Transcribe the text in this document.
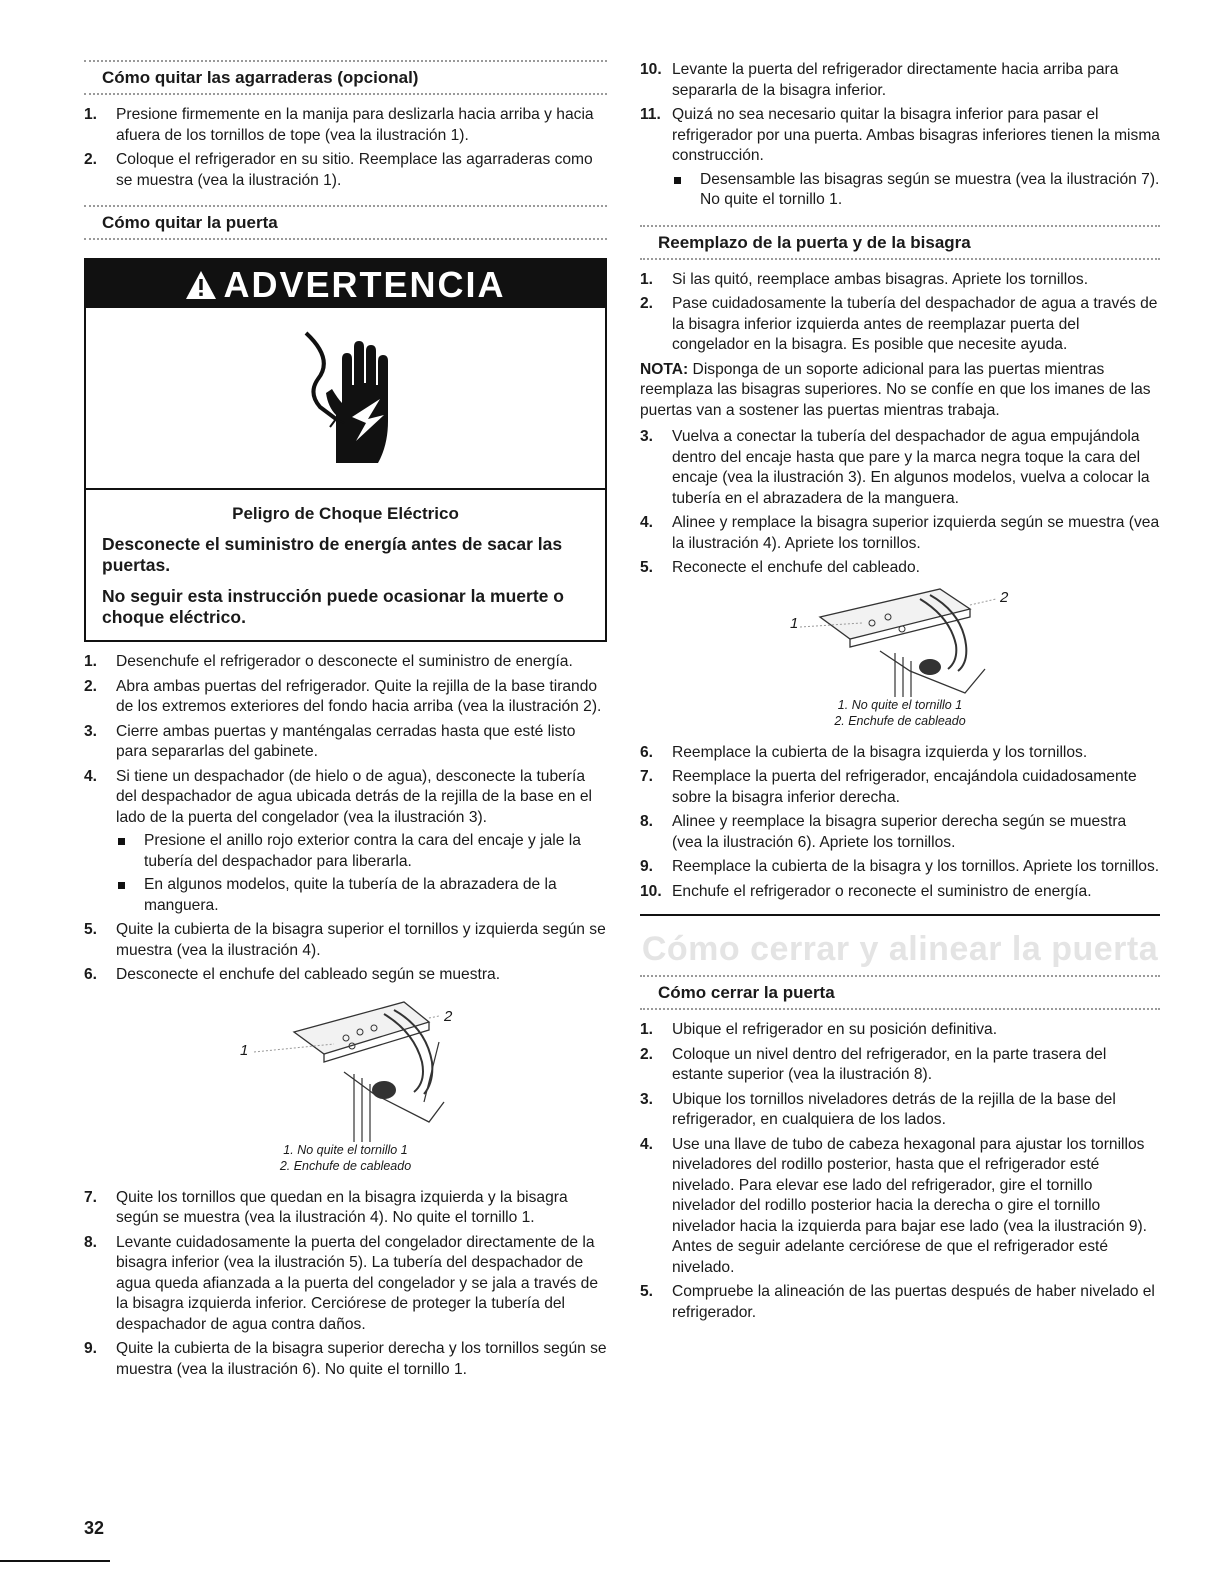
Cómo quitar las agarraderas (opcional)
1. Presione firmemente en la manija para deslizarla hacia arriba y hacia afuera de los tornillos de tope (vea la ilustración 1).
2. Coloque el refrigerador en su sitio. Reemplace las agarraderas como se muestra (vea la ilustración 1).
Cómo quitar la puerta
ADVERTENCIA
Peligro de Choque Eléctrico
Desconecte el suministro de energía antes de sacar las puertas.
No seguir esta instrucción puede ocasionar la muerte o choque eléctrico.
1. Desenchufe el refrigerador o desconecte el suministro de energía.
2. Abra ambas puertas del refrigerador. Quite la rejilla de la base tirando de los extremos exteriores del fondo hacia arriba (vea la ilustración 2).
3. Cierre ambas puertas y manténgalas cerradas hasta que esté listo para separarlas del gabinete.
4. Si tiene un despachador (de hielo o de agua), desconecte la tubería del despachador de agua ubicada detrás de la rejilla de la base en el lado de la puerta del congelador (vea la ilustración 3).
Presione el anillo rojo exterior contra la cara del encaje y jale la tubería del despachador para liberarla.
En algunos modelos, quite la tubería de la abrazadera de la manguera.
5. Quite la cubierta de la bisagra superior el tornillos y izquierda según se muestra (vea la ilustración 4).
6. Desconecte el enchufe del cableado según se muestra.
1
2
1. No quite el tornillo 1
2. Enchufe de cableado
7. Quite los tornillos que quedan en la bisagra izquierda y la bisagra según se muestra (vea la ilustración 4). No quite el tornillo 1.
8. Levante cuidadosamente la puerta del congelador directamente de la bisagra inferior (vea la ilustración 5). La tubería del despachador de agua queda afianzada a la puerta del congelador y se jala a través de la bisagra izquierda inferior. Cerciórese de proteger la tubería del despachador de agua contra daños.
9. Quite la cubierta de la bisagra superior derecha y los tornillos según se muestra (vea la ilustración 6). No quite el tornillo 1.
10. Levante la puerta del refrigerador directamente hacia arriba para separarla de la bisagra inferior.
11. Quizá no sea necesario quitar la bisagra inferior para pasar el refrigerador por una puerta. Ambas bisagras inferiores tienen la misma construcción.
Desensamble las bisagras según se muestra (vea la ilustración 7). No quite el tornillo 1.
Reemplazo de la puerta y de la bisagra
1. Si las quitó, reemplace ambas bisagras. Apriete los tornillos.
2. Pase cuidadosamente la tubería del despachador de agua a través de la bisagra inferior izquierda antes de reemplazar puerta del congelador en la bisagra. Es posible que necesite ayuda.

NOTA: Disponga de un soporte adicional para las puertas mientras reemplaza las bisagras superiores. No se confíe en que los imanes de las puertas van a sostener las puertas mientras trabaja.

3. Vuelva a conectar la tubería del despachador de agua empujándola dentro del encaje hasta que pare y la marca negra toque la cara del encaje (vea la ilustración 3). En algunos modelos, vuelva a colocar la tubería en el abrazadera de la manguera.
4. Alinee y remplace la bisagra superior izquierda según se muestra (vea la ilustración 4). Apriete los tornillos.
5. Reconecte el enchufe del cableado.
1
2
1. No quite el tornillo 1
2. Enchufe de cableado
6. Reemplace la cubierta de la bisagra izquierda y los tornillos.
7. Reemplace la puerta del refrigerador, encajándola cuidadosamente sobre la bisagra inferior derecha.
8. Alinee y reemplace la bisagra superior derecha según se muestra (vea la ilustración 6). Apriete los tornillos.
9. Reemplace la cubierta de la bisagra y los tornillos. Apriete los tornillos.
10. Enchufe el refrigerador o reconecte el suministro de energía.
Cómo cerrar y alinear la puerta
Cómo cerrar la puerta
1. Ubique el refrigerador en su posición definitiva.
2. Coloque un nivel dentro del refrigerador, en la parte trasera del estante superior (vea la ilustración 8).
3. Ubique los tornillos niveladores detrás de la rejilla de la base del refrigerador, en cualquiera de los lados.
4. Use una llave de tubo de cabeza hexagonal para ajustar los tornillos niveladores del rodillo posterior, hasta que el refrigerador esté nivelado. Para elevar ese lado del refrigerador, gire el tornillo nivelador del rodillo posterior hacia la derecha o gire el tornillo nivelador hacia la izquierda para bajar ese lado (vea la ilustración 9). Antes de seguir adelante cerciórese de que el refrigerador esté nivelado.
5. Compruebe la alineación de las puertas después de haber nivelado el refrigerador.
32
